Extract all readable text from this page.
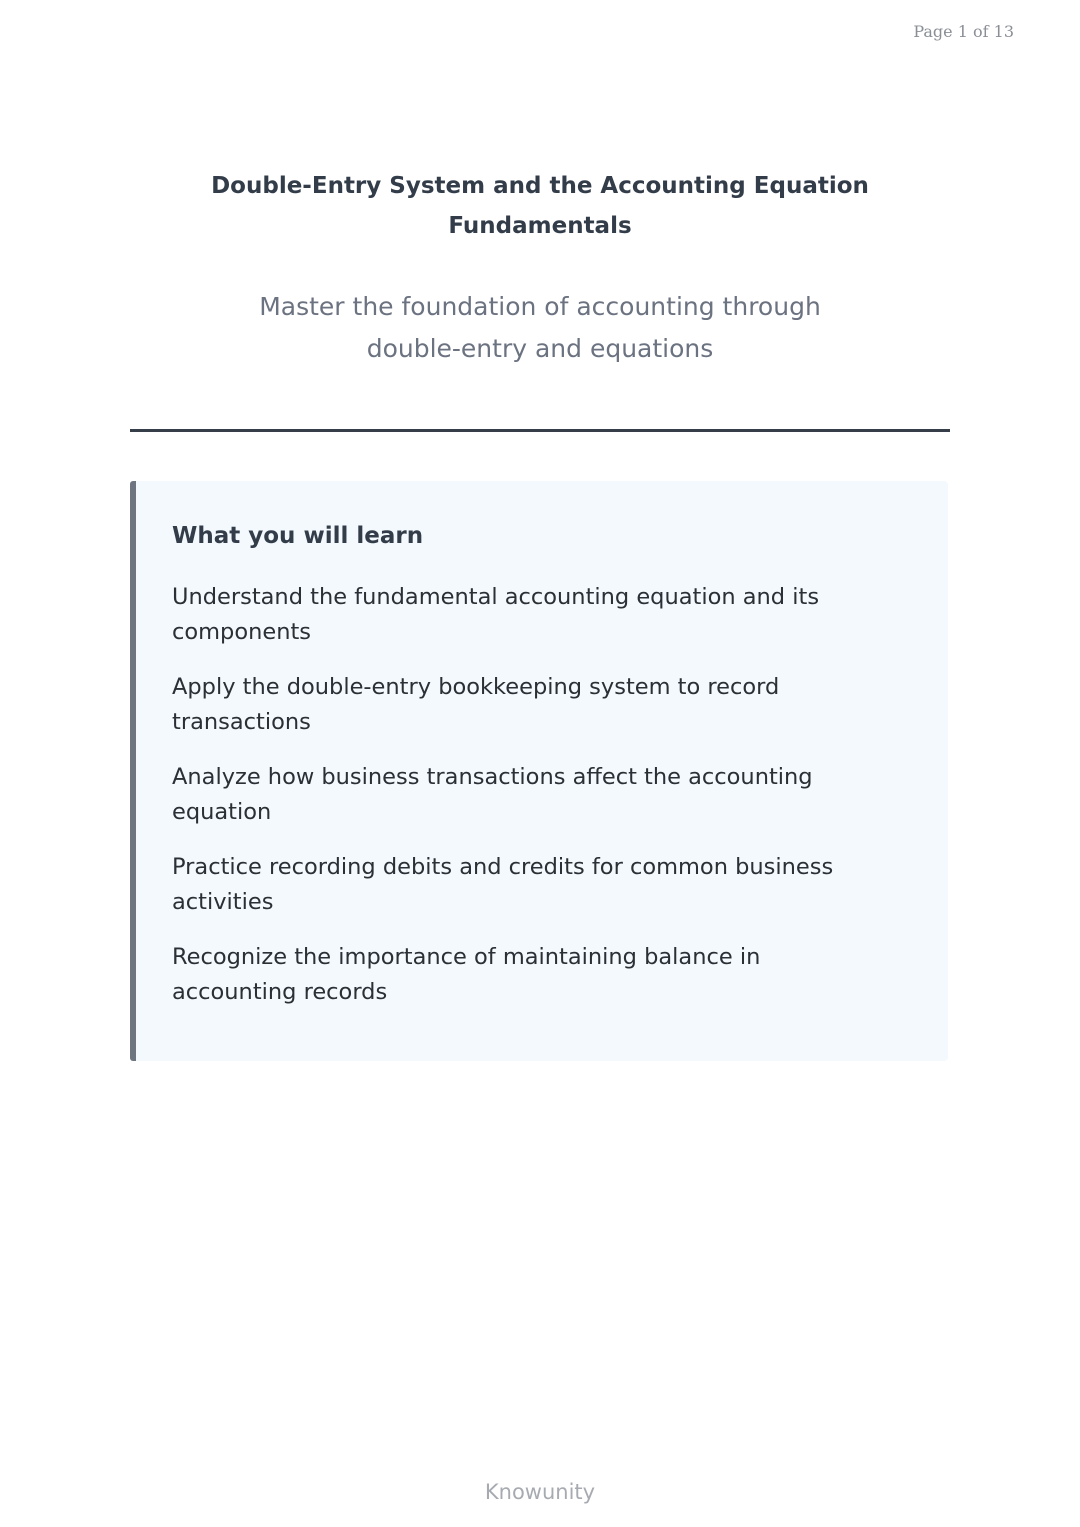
Page 1 of 13
Double-Entry System and the Accounting Equation
Fundamentals
Master the foundation of accounting through
double-entry and equations
What you will learn
Understand the fundamental accounting equation and its components
Apply the double-entry bookkeeping system to record transactions
Analyze how business transactions affect the accounting equation
Practice recording debits and credits for common business activities
Recognize the importance of maintaining balance in accounting records
Knowunity
